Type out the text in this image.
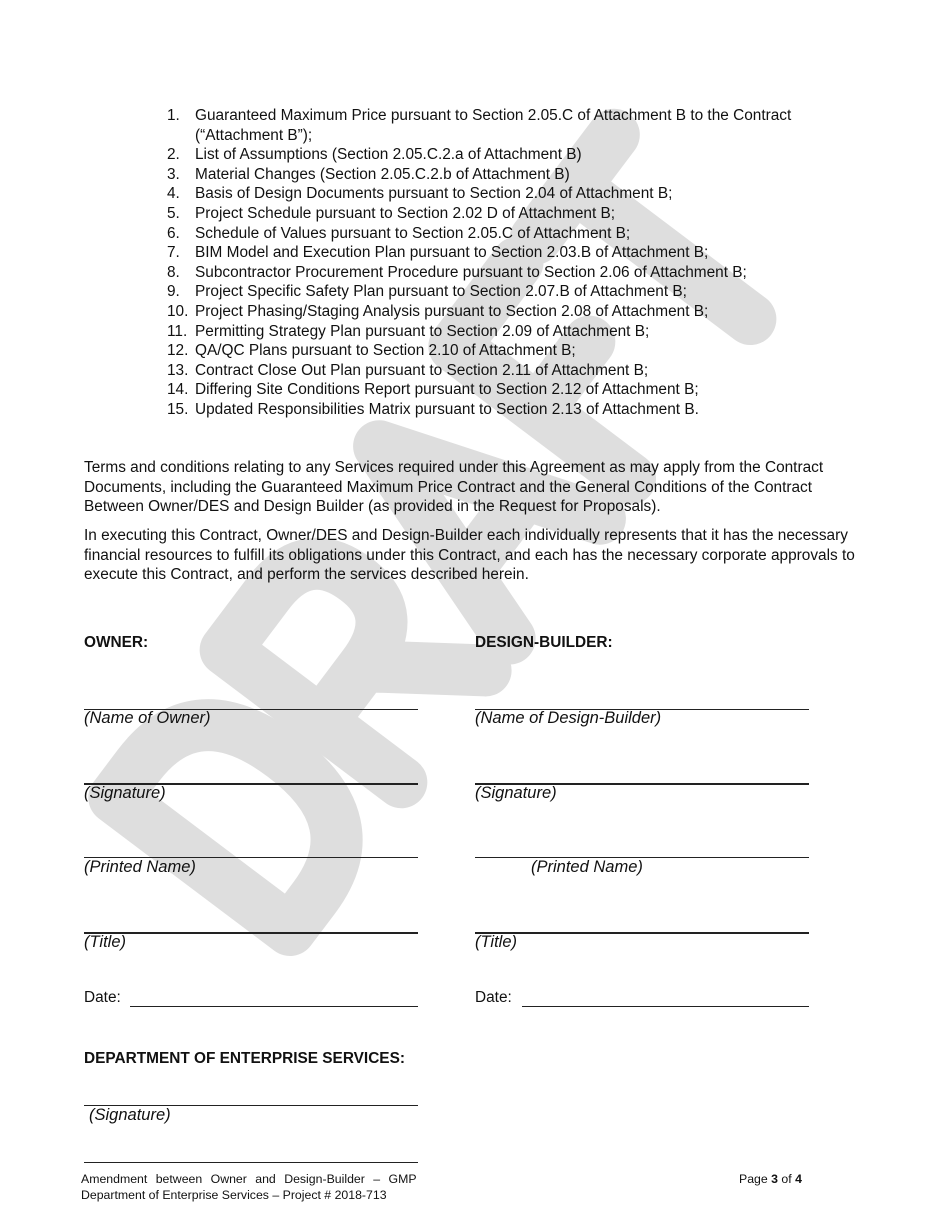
1. Guaranteed Maximum Price pursuant to Section 2.05.C of Attachment B to the Contract (“Attachment B”);
2. List of Assumptions (Section 2.05.C.2.a of Attachment B)
3. Material Changes (Section 2.05.C.2.b of Attachment B)
4. Basis of Design Documents pursuant to Section 2.04 of Attachment B;
5. Project Schedule pursuant to Section 2.02 D of Attachment B;
6. Schedule of Values pursuant to Section 2.05.C of Attachment B;
7. BIM Model and Execution Plan pursuant to Section 2.03.B of Attachment B;
8. Subcontractor Procurement Procedure pursuant to Section 2.06 of Attachment B;
9. Project Specific Safety Plan pursuant to Section 2.07.B of Attachment B;
10. Project Phasing/Staging Analysis pursuant to Section 2.08 of Attachment B;
11. Permitting Strategy Plan pursuant to Section 2.09 of Attachment B;
12. QA/QC Plans pursuant to Section 2.10 of Attachment B;
13. Contract Close Out Plan pursuant to Section 2.11 of Attachment B;
14. Differing Site Conditions Report pursuant to Section 2.12 of Attachment B;
15. Updated Responsibilities Matrix pursuant to Section 2.13 of Attachment B.
Terms and conditions relating to any Services required under this Agreement as may apply from the Contract Documents, including the Guaranteed Maximum Price Contract and the General Conditions of the Contract Between Owner/DES and Design Builder (as provided in the Request for Proposals).
In executing this Contract, Owner/DES and Design-Builder each individually represents that it has the necessary financial resources to fulfill its obligations under this Contract, and each has the necessary corporate approvals to execute this Contract, and perform the services described herein.
OWNER:
(Name of Owner)
(Signature)
(Printed Name)
(Title)
Date:
DESIGN-BUILDER:
(Name of Design-Builder)
(Signature)
(Printed Name)
(Title)
Date:
DEPARTMENT OF ENTERPRISE SERVICES:
(Signature)
Amendment between Owner and Design-Builder – GMP
Department of Enterprise Services – Project # 2018-713
Page 3 of 4
